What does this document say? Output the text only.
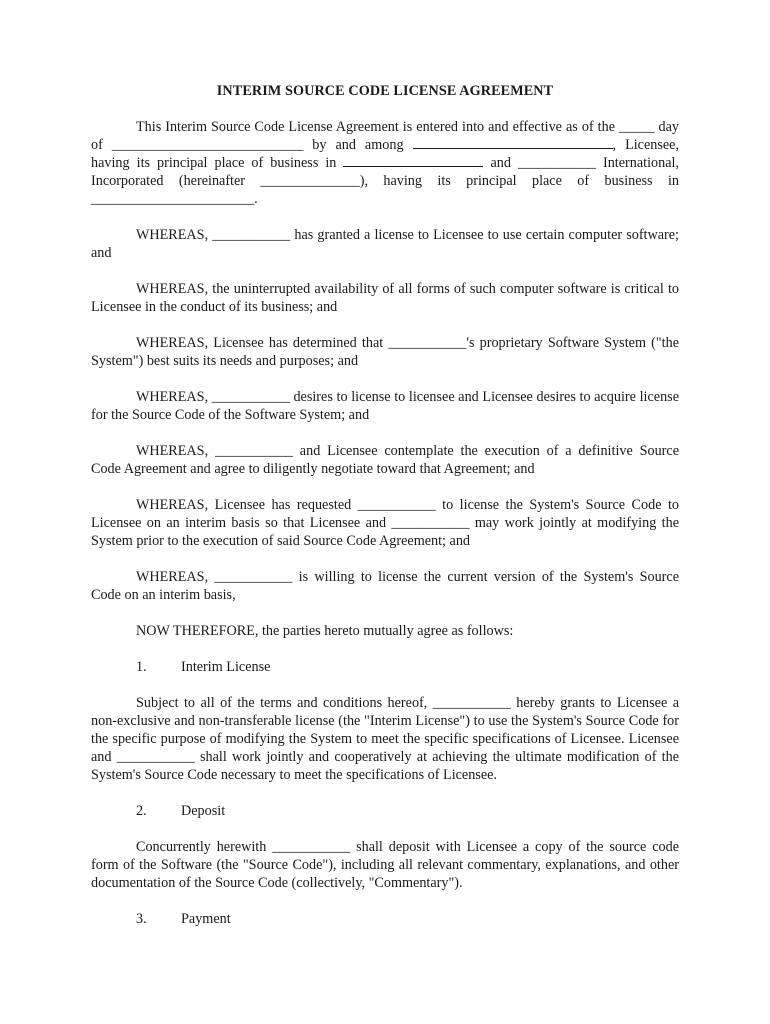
INTERIM SOURCE CODE LICENSE AGREEMENT
This Interim Source Code License Agreement is entered into and effective as of the _____ day of ___________________________ by and among	, Licensee, having its principal place of business in	and ___________ International, Incorporated (hereinafter ______________), having its principal place of business in _______________________.
WHEREAS, ___________ has granted a license to Licensee to use certain computer software; and
WHEREAS, the uninterrupted availability of all forms of such computer software is critical to Licensee in the conduct of its business; and
WHEREAS, Licensee has determined that ___________'s proprietary Software System ("the System") best suits its needs and purposes; and
WHEREAS, ___________ desires to license to licensee and Licensee desires to acquire license for the Source Code of the Software System; and
WHEREAS, ___________ and Licensee contemplate the execution of a definitive Source Code Agreement and agree to diligently negotiate toward that Agreement; and
WHEREAS, Licensee has requested ___________ to license the System's Source Code to Licensee on an interim basis so that Licensee and ___________ may work jointly at modifying the System prior to the execution of said Source Code Agreement; and
WHEREAS, ___________ is willing to license the current version of the System's Source Code on an interim basis,
NOW THEREFORE, the parties hereto mutually agree as follows:
1.	Interim License
Subject to all of the terms and conditions hereof, ___________ hereby grants to Licensee a non-exclusive and non-transferable license (the "Interim License") to use the System's Source Code for the specific purpose of modifying the System to meet the specific specifications of Licensee. Licensee and ___________ shall work jointly and cooperatively at achieving the ultimate modification of the System's Source Code necessary to meet the specifications of Licensee.
2.	Deposit
Concurrently herewith ___________ shall deposit with Licensee a copy of the source code form of the Software (the "Source Code"), including all relevant commentary, explanations, and other documentation of the Source Code (collectively, "Commentary").
3.	Payment
